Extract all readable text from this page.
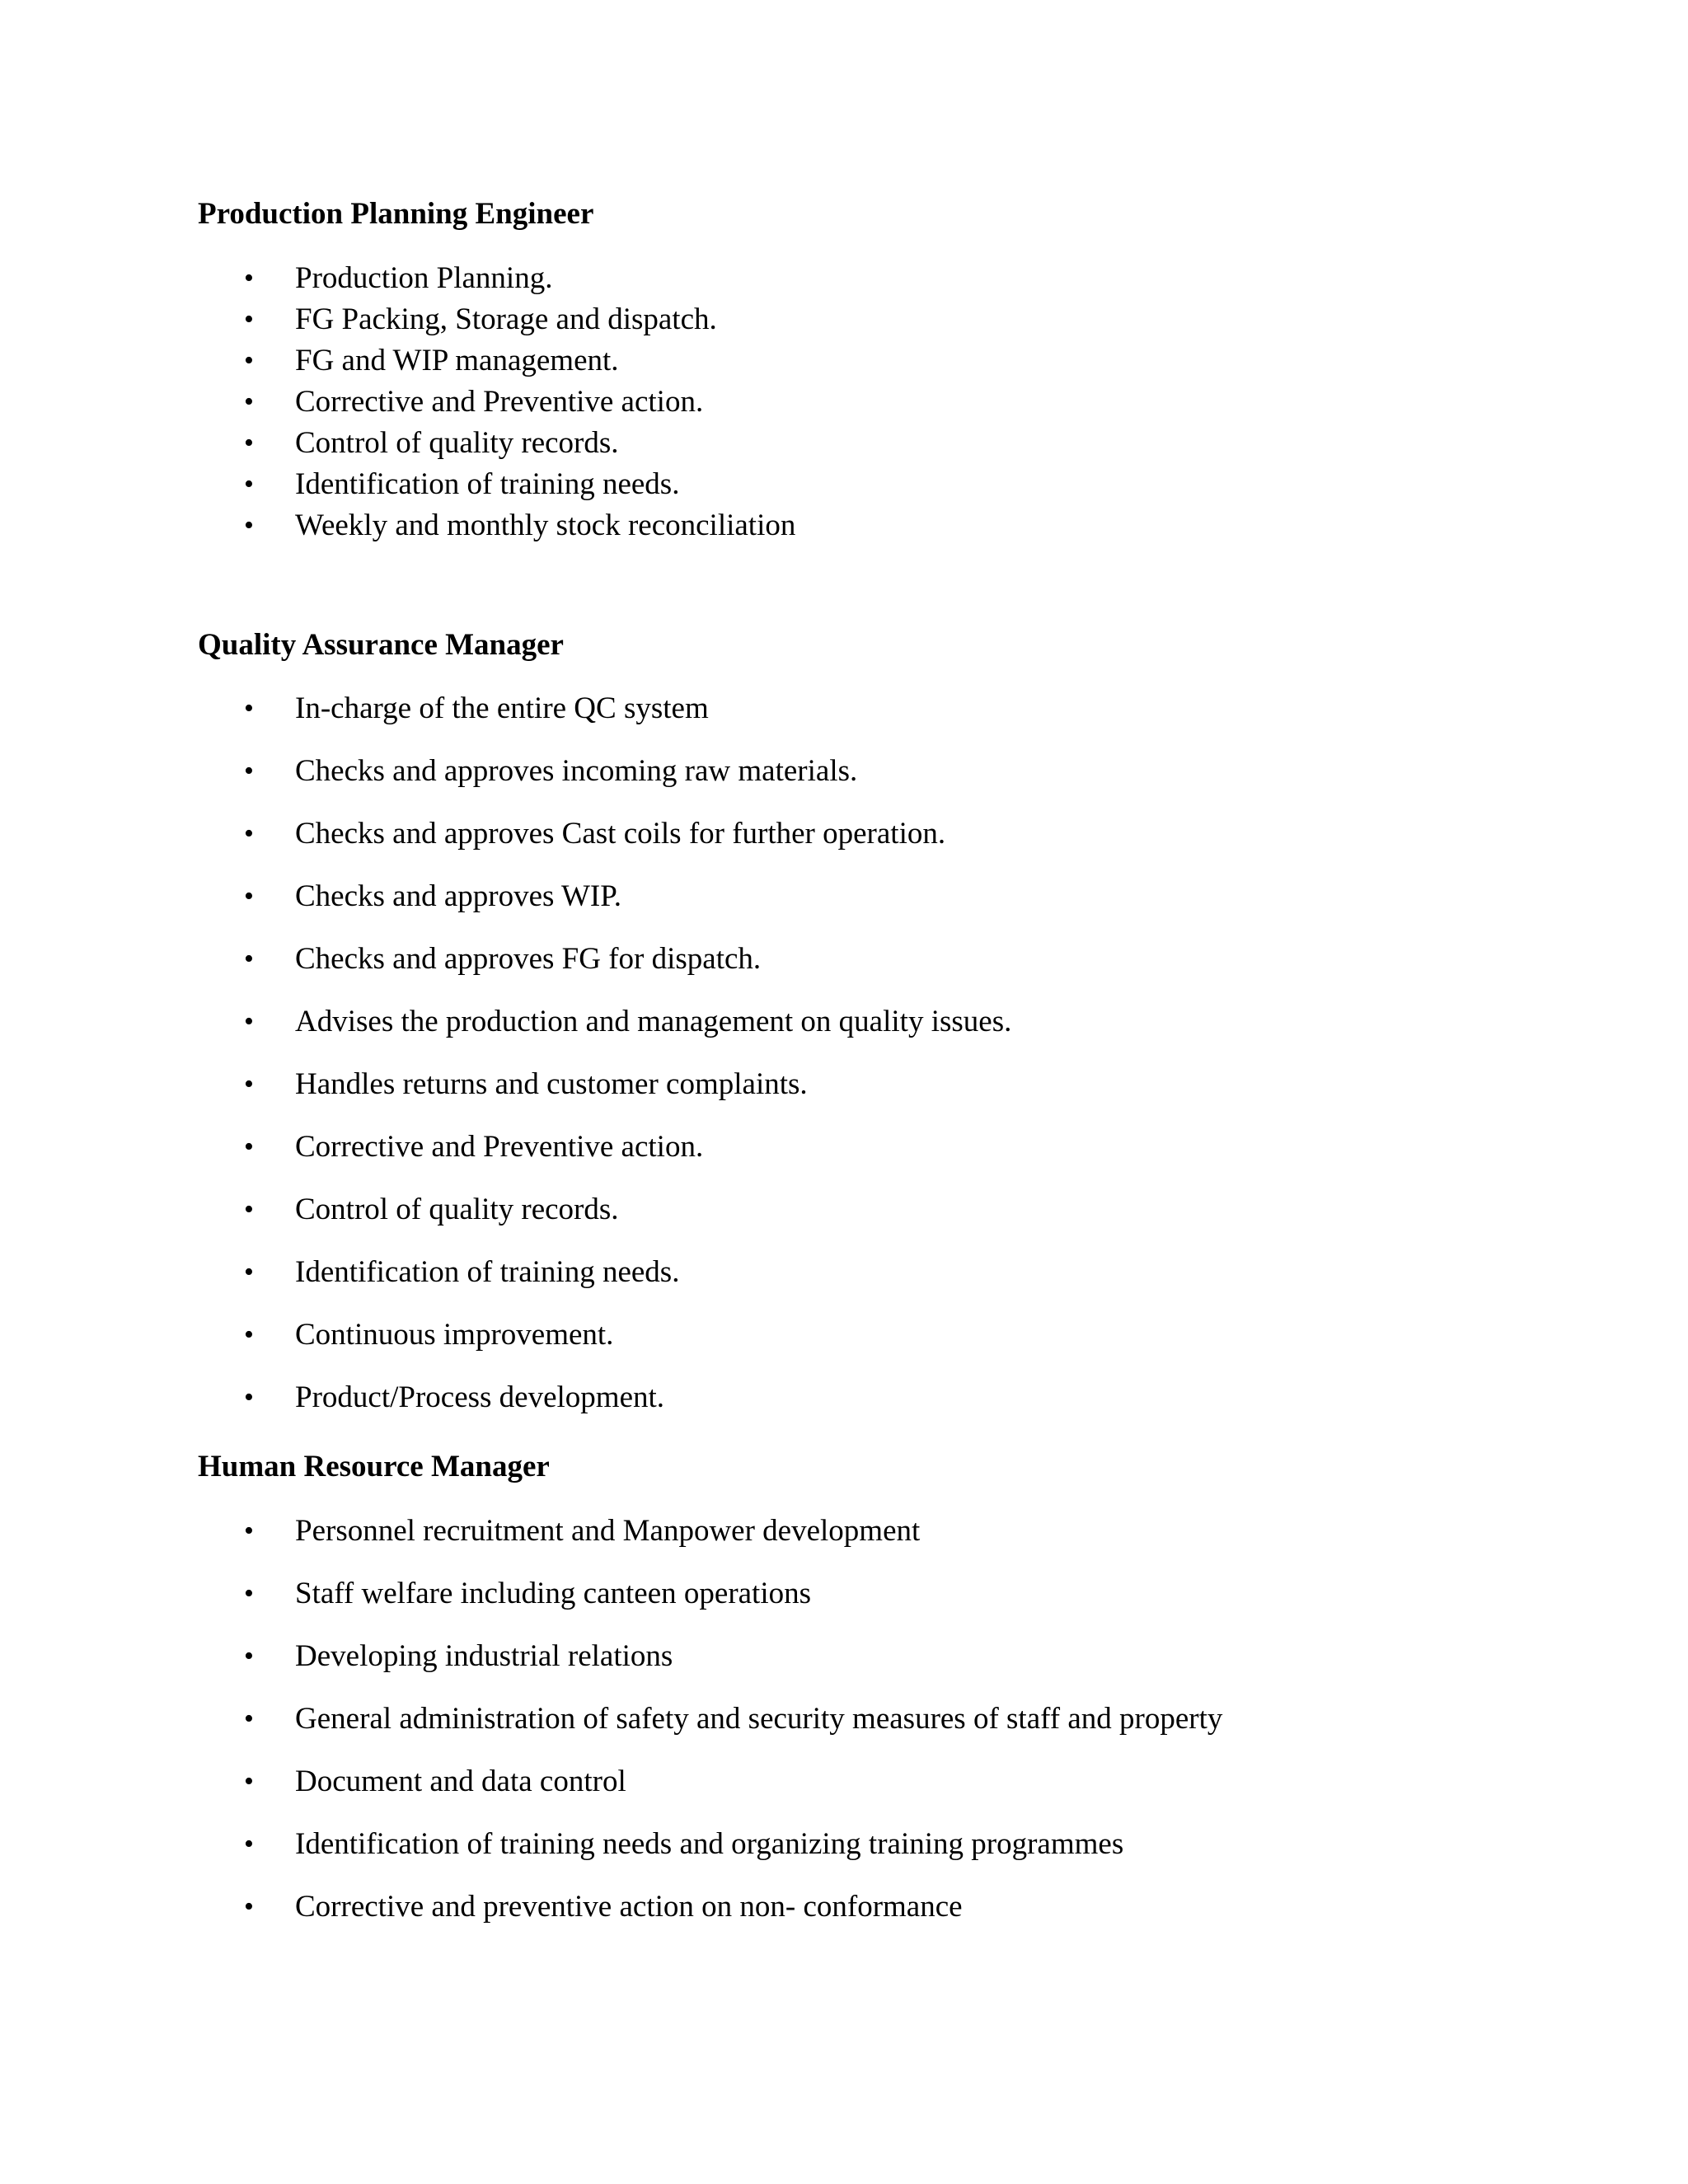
Production Planning Engineer
• Production Planning.
• FG Packing, Storage and dispatch.
• FG and WIP management.
• Corrective and Preventive action.
• Control of quality records.
• Identification of training needs.
• Weekly and monthly stock reconciliation
Quality Assurance Manager
• In-charge of the entire QC system
• Checks and approves incoming raw materials.
• Checks and approves Cast coils for further operation.
• Checks and approves WIP.
• Checks and approves FG for dispatch.
• Advises the production and management on quality issues.
• Handles returns and customer complaints.
• Corrective and Preventive action.
• Control of quality records.
• Identification of training needs.
• Continuous improvement.
• Product/Process development.
Human Resource Manager
• Personnel recruitment and Manpower development
• Staff welfare including canteen operations
• Developing industrial relations
• General administration of safety and security measures of staff and property
• Document and data control
• Identification of training needs and organizing training programmes
• Corrective and preventive action on non- conformance
